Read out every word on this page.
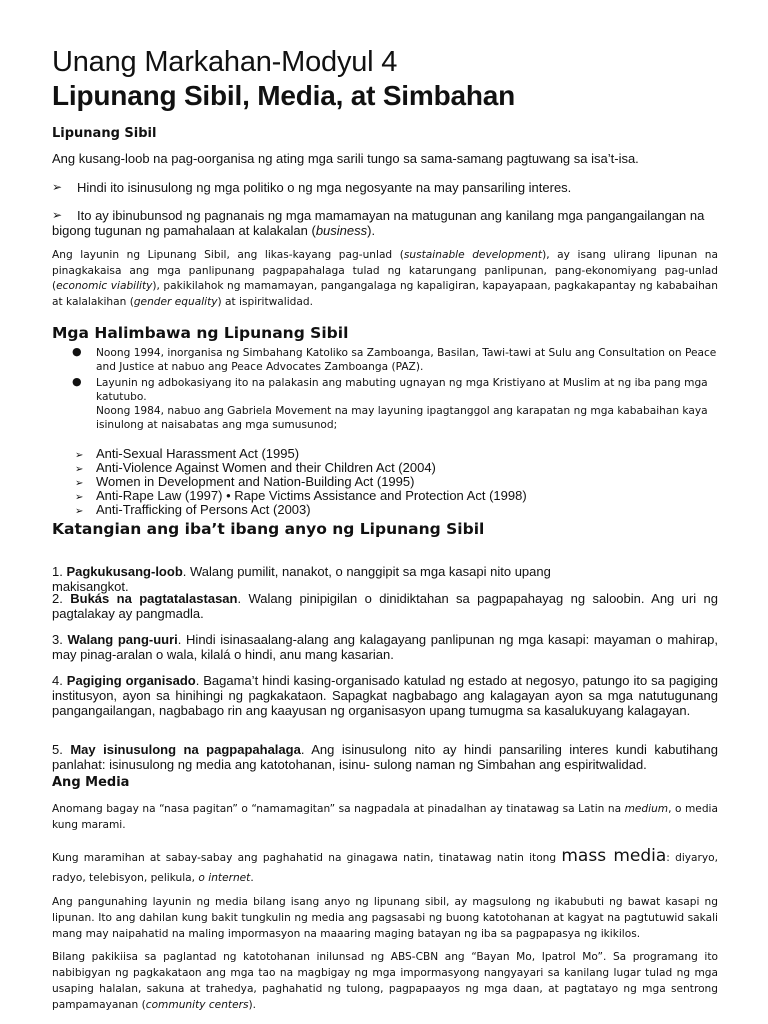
Unang Markahan-Modyul 4
Lipunang Sibil, Media, at Simbahan
Lipunang Sibil

Ang kusang-loob na pag-oorganisa ng ating mga sarili tungo sa sama-samang pagtuwang sa isa’t-isa.

➢ Hindi ito isinusulong ng mga politiko o ng mga negosyante na may pansariling interes.

➢	Ito ay ibinubunsod ng pagnanais ng mga mamamayan na matugunan ang kanilang mga pangangailangan na bigong tugunan ng pamahalaan at kalakalan (business).

Ang layunin ng Lipunang Sibil, ang likas-kayang pag-unlad (sustainable development), ay isang ulirang lipunan na pinagkakaisa ang mga panlipunang pagpapahalaga tulad ng katarungang panlipunan, pang-ekonomiyang pag-unlad (economic viability), pakikilahok ng mamamayan, pangangalaga ng kapaligiran, kapayapaan, pagkakapantay ng kababaihan at kalalakihan (gender equality) at ispiritwalidad.

Mga Halimbawa ng Lipunang Sibil
● Noong 1994, inorganisa ng Simbahang Katoliko sa Zamboanga, Basilan, Tawi-tawi at Sulu ang Consultation on Peace and Justice at nabuo ang Peace Advocates Zamboanga (PAZ).

● Layunin ng adbokasiyang ito na palakasin ang mabuting ugnayan ng mga Kristiyano at Muslim at ng iba pang mga katutubo.

Noong 1984, nabuo ang Gabriela Movement na may layuning ipagtanggol ang karapatan ng mga kababaihan kaya isinulong at naisabatas ang mga sumusunod;

➢ Anti-Sexual Harassment Act (1995)
➢ Anti-Violence Against Women and their Children Act (2004)
➢ Women in Development and Nation-Building Act (1995)
➢ Anti-Rape Law (1997) • Rape Victims Assistance and Protection Act (1998)
➢ Anti-Trafficking of Persons Act (2003)
Katangian ang iba’t ibang anyo ng Lipunang Sibil

1. Pagkukusang-loob. Walang pumilit, nanakot, o nanggipit sa mga kasapi nito upang
makisangkot.

2. Bukás na pagtatalastasan. Walang pinipigilan o dinidiktahan sa pagpapahayag ng saloobin. Ang uri ng pagtalakay ay pangmadla.

3. Walang pang-uuri. Hindi isinasaalang-alang ang kalagayang panlipunan ng mga kasapi: mayaman o mahirap, may pinag-aralan o wala, kilalá o hindi, anu mang kasarian.

4. Pagiging organisado. Bagama’t hindi kasing-organisado katulad ng estado at negosyo, patungo ito sa pagiging institusyon, ayon sa hinihingi ng pagkakataon. Sapagkat nagbabago ang kalagayan ayon sa mga natutugunang pangangailangan, nagbabago rin ang kaayusan ng organisasyon upang tumugma sa kasalukuyang kalagayan.

5. May isinusulong na pagpapahalaga. Ang isinusulong nito ay hindi pansariling interes kundi kabutihang panlahat: isinusulong ng media ang katotohanan, isinu- sulong naman ng Simbahan ang espiritwalidad.

Ang Media

Anomang bagay na “nasa pagitan” o “namamagitan” sa nagpadala at pinadalhan ay tinatawag sa Latin na medium, o media kung marami.

Kung maramihan at sabay-sabay ang paghahatid na ginagawa natin, tinatawag natin itong mass media: diyaryo, radyo, telebisyon, pelikula, o internet.

Ang pangunahing layunin ng media bilang isang anyo ng lipunang sibil, ay magsulong ng ikabubuti ng bawat kasapi ng lipunan. Ito ang dahilan kung bakit tungkulin ng media ang pagsasabi ng buong katotohanan at kagyat na pagtutuwid sakali mang may naipahatid na maling impormasyon na maaaring maging batayan ng iba sa pagpapasya ng ikikilos.

Bilang pakikiisa sa paglantad ng katotohanan inilunsad ng ABS-CBN ang “Bayan Mo, Ipatrol Mo”. Sa programang ito nabibigyan ng pagkakataon ang mga tao na magbigay ng mga impormasyong nangyayari sa kanilang lugar tulad ng mga usaping halalan, sakuna at trahedya, paghahatid ng tulong, pagpapaayos ng mga daan, at pagtatayo ng mga sentrong pampamayanan (community centers).
